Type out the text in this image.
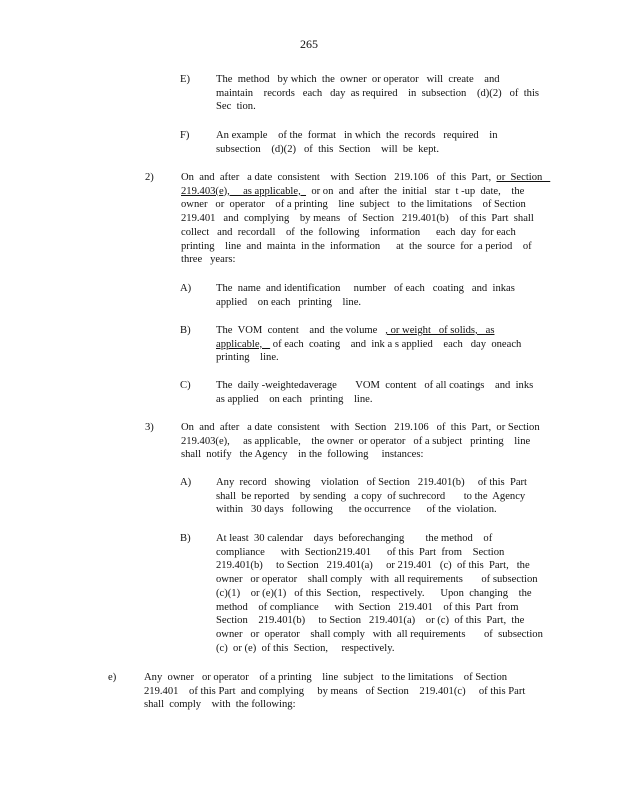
265
E)	The  method   by which  the  owner  or operator   will  create    and
maintain    records   each   day  as required    in  subsection    (d)(2)   of  this
Sec  tion.
F)	An example    of the  format   in which  the  records   required    in
subsection    (d)(2)   of  this  Section    will  be  kept.
2)	On  and  after   a date  consistent    with  Section   219.106   of  this  Part,  or  Section
219.403(e),     as applicable,    or on  and  after  the  initial   star  t -up  date,    the
owner   or  operator    of a printing    line  subject   to  the limitations    of Section
219.401   and  complying    by means   of  Section   219.401(b)    of this  Part  shall
collect   and  recordall    of  the  following    information      each  day  for each
printing    line  and  mainta  in the  information      at  the  source  for  a period    of
three   years:
A)	The  name  and identification     number   of each   coating   and  inkas
applied    on each   printing    line.
B)	The  VOM  content    and  the volume   , or weight   of solids,   as
applicable,    of each  coating    and  ink a s applied    each   day  oneach
printing    line.
C)	The  daily -weightedaverage       VOM  content   of all coatings    and  inks
as applied    on each   printing    line.
3)	On  and  after   a date  consistent    with  Section   219.106   of  this  Part,  or Section
219.403(e),     as applicable,    the owner  or operator   of a subject   printing    line
shall  notify   the Agency    in the  following     instances:
A)	Any  record   showing    violation   of Section   219.401(b)     of this  Part
shall  be reported    by sending   a copy  of suchrecord       to the  Agency
within   30 days   following      the occurrence      of the  violation.
B)	At least  30 calendar    days  beforechanging        the method    of
compliance      with  Section219.401      of this  Part  from    Section
219.401(b)     to Section   219.401(a)     or 219.401   (c)  of this  Part,   the
owner   or operator    shall comply   with  all requirements       of subsection
(c)(1)    or (e)(1)   of this  Section,    respectively.      Upon  changing    the
method    of compliance      with  Section   219.401    of this  Part  from
Section    219.401(b)     to Section   219.401(a)    or (c)  of this  Part,  the
owner   or  operator    shall comply   with  all requirements       of  subsection
(c)  or (e)  of this  Section,     respectively.
e)	Any  owner   or operator    of a printing    line  subject   to the limitations    of Section
219.401    of this Part  and complying     by means   of Section    219.401(c)     of this Part
shall  comply    with  the following:
